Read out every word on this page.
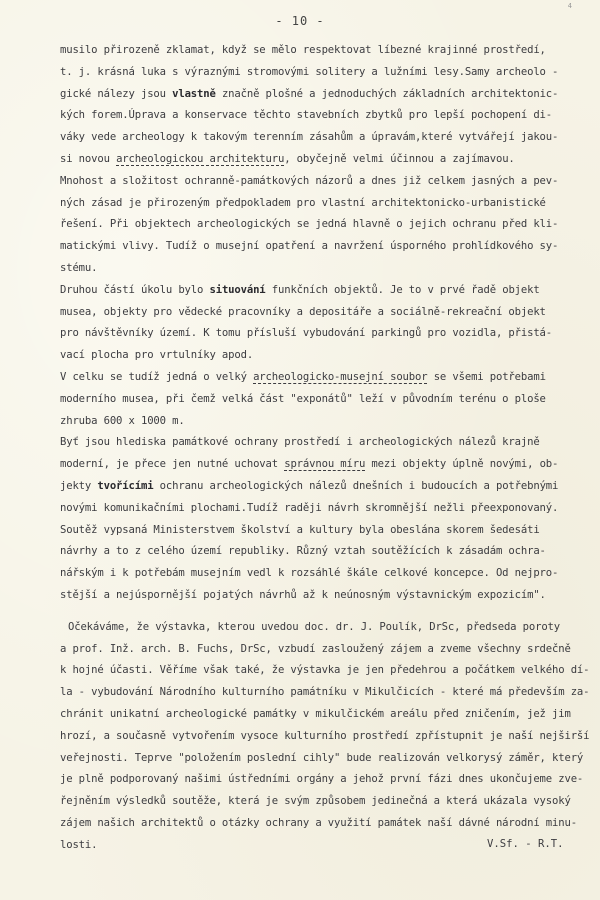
4
- 10 -
musilo přirozeně zklamat, když se mělo respektovat líbezné krajinné prostředí,
t. j. krásná luka s výraznými stromovými solitery a lužními lesy.Samy archeolo -
gické nálezy jsou vlastně značně plošné a jednoduchých základních architektonic-
kých forem.Úprava a konservace těchto stavebních zbytků pro lepší pochopení di-
váky vede archeology k takovým terenním zásahům a úpravám,které vytvářejí jakou-
si novou archeologickou architekturu, obyčejně velmi účinnou a zajímavou.
Mnohost a složitost ochranně-památkových názorů a dnes již celkem jasných a pev-
ných zásad je přirozeným předpokladem pro vlastní architektonicko-urbanistické
řešení. Při objektech archeologických se jedná hlavně o jejich ochranu před kli-
matickými vlivy. Tudíž o musejní opatření a navržení úsporného prohlídkového sy-
stému.
Druhou částí úkolu bylo situování funkčních objektů. Je to v prvé řadě objekt
musea, objekty pro vědecké pracovníky a depositáře a sociálně-rekreační objekt
pro návštěvníky území. K tomu přísluší vybudování parkingů pro vozidla, přistá-
vací plocha pro vrtulníky apod.
V celku se tudíž jedná o velký archeologicko-musejní soubor se všemi potřebami
moderního musea, při čemž velká část "exponátů" leží v původním terénu o ploše
zhruba 600 x 1000 m.
Byť jsou hlediska památkové ochrany prostředí i archeologických nálezů krajně
moderní, je přece jen nutné uchovat správnou míru mezi objekty úplně novými, ob-
jekty tvořícími ochranu archeologických nálezů dnešních i budoucích a potřebnými
novými komunikačními plochami.Tudíž raději návrh skromnější nežli přeexponovaný.
Soutěž vypsaná Ministerstvem školství a kultury byla obeslána skorem šedesáti
návrhy a to z celého území republiky. Různý vztah soutěžících k zásadám ochra-
nářským i k potřebám musejním vedl k rozsáhlé škále celkové koncepce. Od nejpro-
stější a nejúspornější pojatých návrhů až k neúnosným výstavnickým expozicím".
Očekáváme, že výstavka, kterou uvedou doc. dr. J. Poulík, DrSc, předseda poroty
a prof. Inž. arch. B. Fuchs, DrSc, vzbudí zasloužený zájem a zveme všechny srdečně
k hojné účasti. Věříme však také, že výstavka je jen předehrou a počátkem velkého dí-
la - vybudování Národního kulturního památníku v Mikulčicích - které má především za-
chránit unikatní archeologické památky v mikulčickém areálu před zničením, jež jim
hrozí, a současně vytvořením vysoce kulturního prostředí zpřístupnit je naší nejširší
veřejnosti. Teprve "položením poslední cihly" bude realizován velkorysý záměr, který
je plně podporovaný našimi ústředními orgány a jehož první fázi dnes ukončujeme zve-
řejněním výsledků soutěže, která je svým způsobem jedinečná a která ukázala vysoký
zájem našich architektů o otázky ochrany a využití památek naší dávné národní minu-
losti.	V.Sf. - R.T.
